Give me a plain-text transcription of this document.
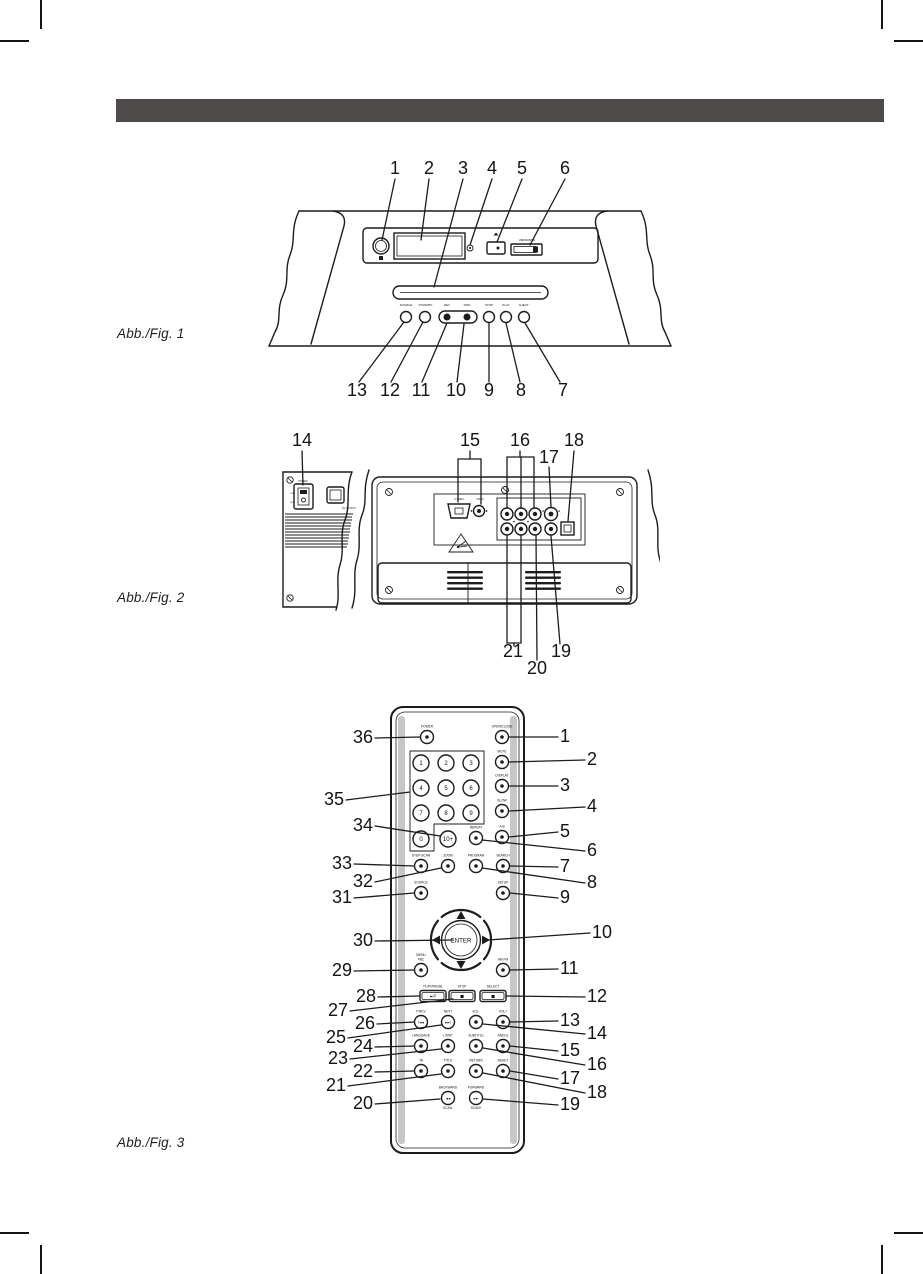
Abb./Fig. 1
Abb./Fig. 2
Abb./Fig. 3
1 2 3 4 5 6
13 12 11 10 9 8 7
SOURCE STANDBY	REV	FWD	STOP	PLAY	EJECT
USB/SD/MMC
14	15 16
17
18
21
20
19
POWER
ON
OFF
AC OUTPUT
S-VIDEO	VIDEO
L	R	V	+
ENTER
POWER	OPEN/CLOSE
MUTE
DISPLAY
SLOW
A-B
REPEAT
1	2	3
4	5	6
7	8	9
0	10+
STEP-SCAN	ZOOM	PROGRAM	SEARCH
SOURCE	SETUP
PBC
MENU
AM.FM
►II
PLAY/PAUSE
■
STOP
■
SELECT
I◄◄
P.REV
►►I
NEXT	VOL-	VOL+
LANGUAGE	L/MST	SUBTITLE	ANGLE
TA	TITLE	RETURN	RESET
◄◄
BACKWARD
SCAN-
►►
FORWARD
SCAN+
36
35
34
33
32
31
30
29
28
27
26
25 24
23
22
21
20
1
2
3
4
5
6
7
8
9
10
11
12
13
14
15
16
17
18
19
